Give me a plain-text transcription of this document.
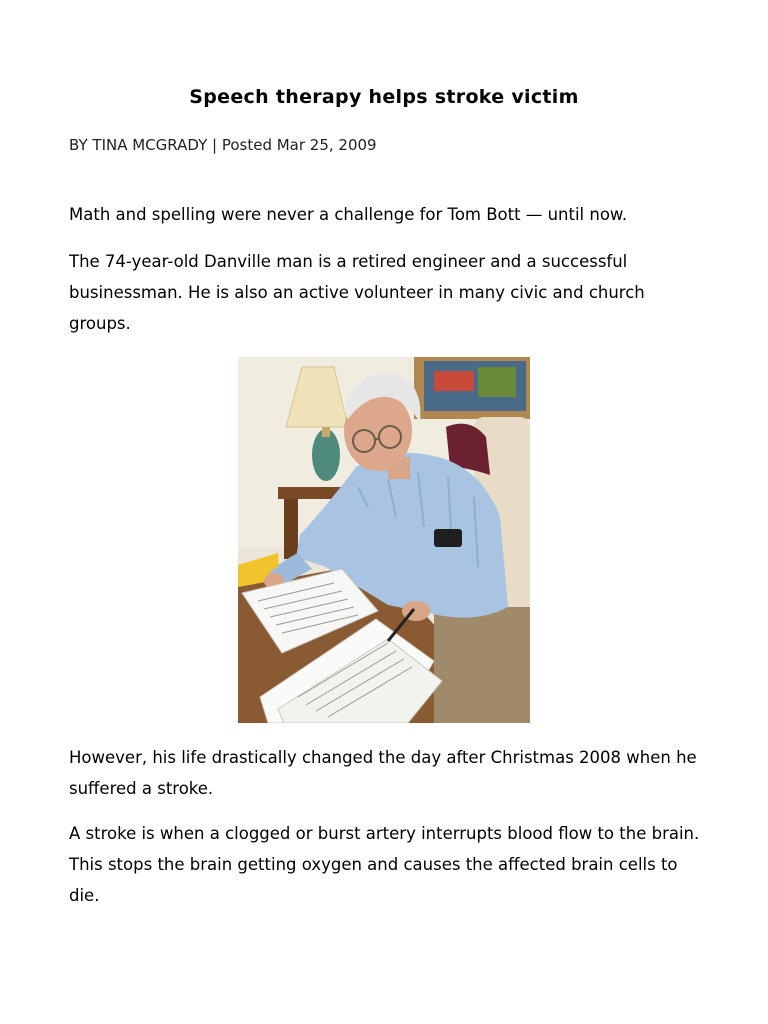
Speech therapy helps stroke victim
BY TINA MCGRADY | Posted Mar 25, 2009

Math and spelling were never a challenge for Tom Bott — until now.

The 74-year-old Danville man is a retired engineer and a successful businessman. He is also an active volunteer in many civic and church groups.

However, his life drastically changed the day after Christmas 2008 when he suffered a stroke.

A stroke is when a clogged or burst artery interrupts blood flow to the brain. This stops the brain getting oxygen and causes the affected brain cells to die.
